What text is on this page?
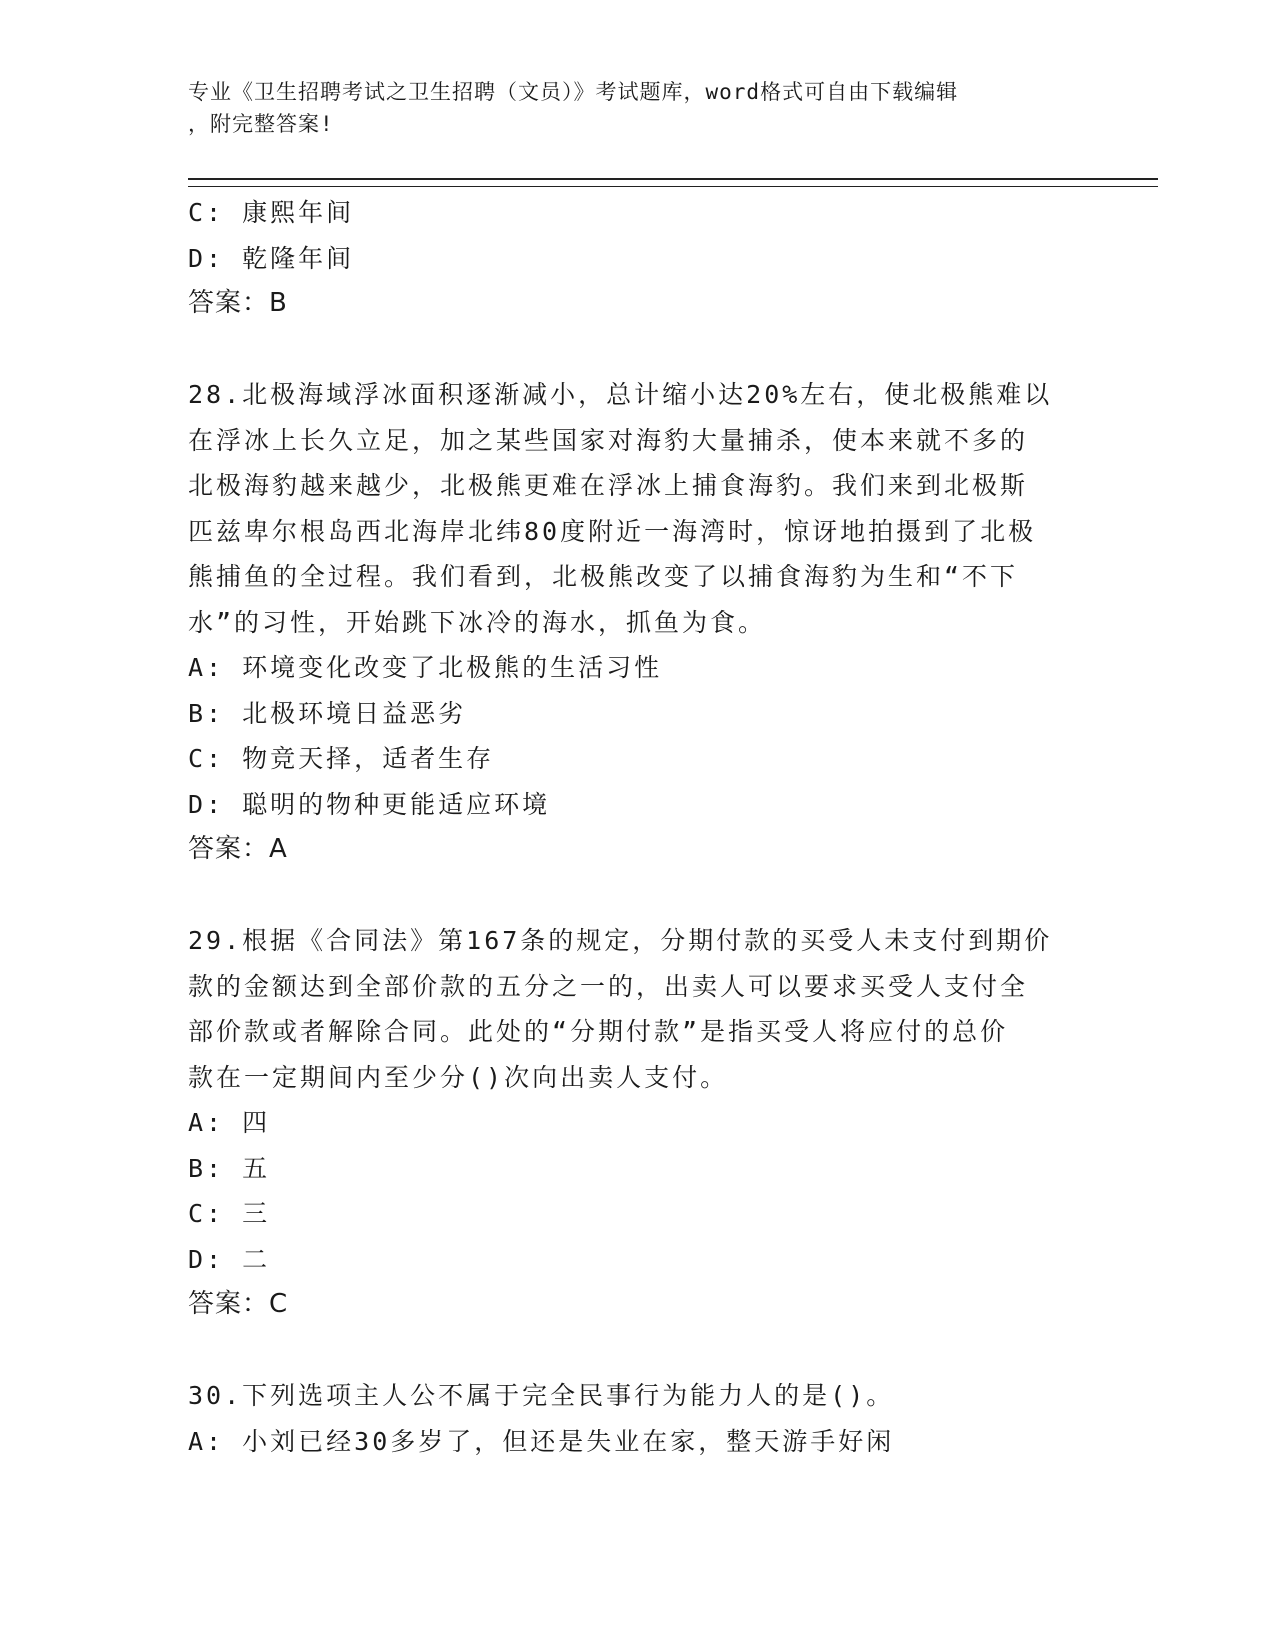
专业《卫生招聘考试之卫生招聘（文员）》考试题库，word格式可自由下载编辑
，附完整答案!
C: 康熙年间
D: 乾隆年间
答案：B
28.北极海域浮冰面积逐渐减小，总计缩小达20%左右，使北极熊难以
在浮冰上长久立足，加之某些国家对海豹大量捕杀，使本来就不多的
北极海豹越来越少，北极熊更难在浮冰上捕食海豹。我们来到北极斯
匹兹卑尔根岛西北海岸北纬80度附近一海湾时，惊讶地拍摄到了北极
熊捕鱼的全过程。我们看到，北极熊改变了以捕食海豹为生和“不下
水”的习性，开始跳下冰冷的海水，抓鱼为食。
A: 环境变化改变了北极熊的生活习性
B: 北极环境日益恶劣
C: 物竞天择，适者生存
D: 聪明的物种更能适应环境
答案：A
29.根据《合同法》第167条的规定，分期付款的买受人未支付到期价
款的金额达到全部价款的五分之一的，出卖人可以要求买受人支付全
部价款或者解除合同。此处的“分期付款”是指买受人将应付的总价
款在一定期间内至少分()次向出卖人支付。
A: 四
B: 五
C: 三
D: 二
答案：C
30.下列选项主人公不属于完全民事行为能力人的是()。
A: 小刘已经30多岁了，但还是失业在家，整天游手好闲
